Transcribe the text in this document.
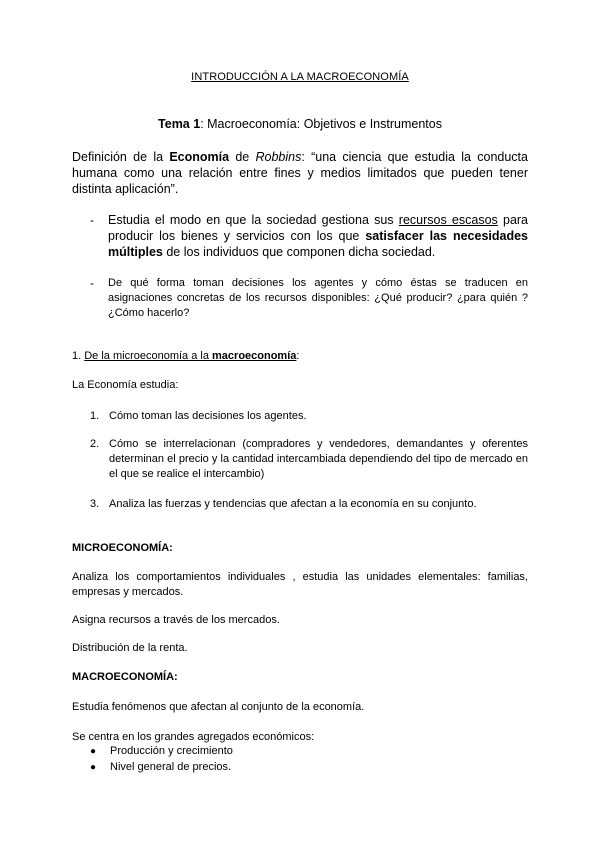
INTRODUCCIÓN A LA MACROECONOMÍA
Tema 1: Macroeconomía: Objetivos e Instrumentos
Definición de la Economía de Robbins: “una ciencia que estudia la conducta humana como una relación entre fines y medios limitados que pueden tener distinta aplicación”.
-	Estudia el modo en que la sociedad gestiona sus recursos escasos para producir los bienes y servicios con los que satisfacer las necesidades múltiples de los individuos que componen dicha sociedad.
-	De qué forma toman decisiones los agentes y cómo éstas se traducen en asignaciones concretas de los recursos disponibles: ¿Qué producir? ¿para quién ? ¿Cómo hacerlo?
1. De la microeconomía a la macroeconomía:
La Economía estudia:
1. Cómo toman las decisiones los agentes.
2. Cómo se interrelacionan (compradores y vendedores, demandantes y oferentes determinan el precio y la cantidad intercambiada dependiendo del tipo de mercado en el que se realice el intercambio)
3. Analiza las fuerzas y tendencias que afectan a la economía en su conjunto.
MICROECONOMÍA:
Analiza los comportamientos individuales , estudia las unidades elementales: familias, empresas y mercados.
Asigna recursos a través de los mercados.
Distribución de la renta.
MACROECONOMÍA:
Estudia fenómenos que afectan al conjunto de la economía.
Se centra en los grandes agregados económicos:
● Producción y crecimiento
● Nivel general de precios.
